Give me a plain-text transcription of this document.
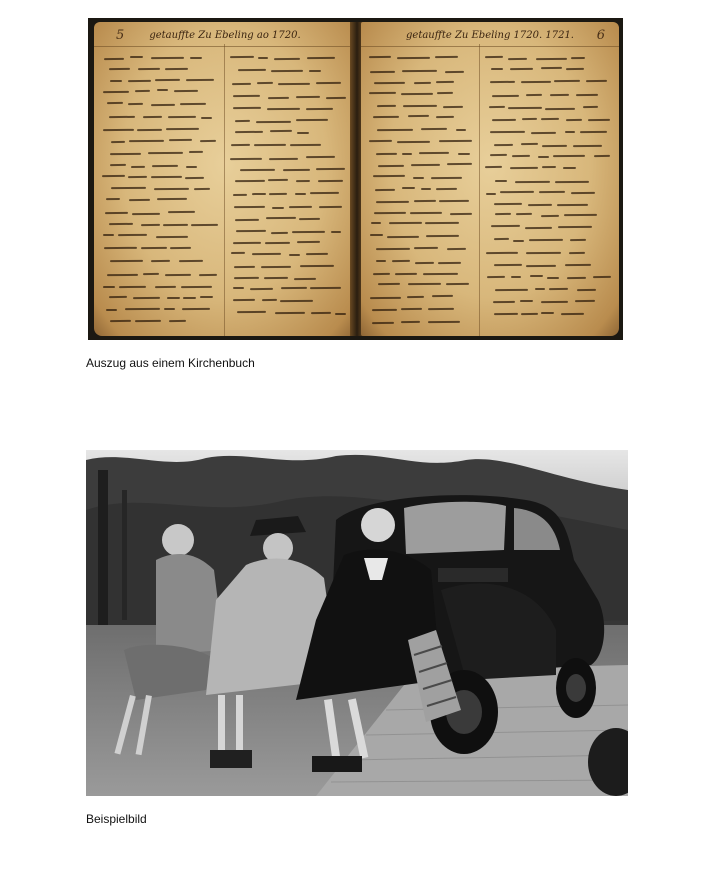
5	getauffte Zu Ebeling ao 1720.	6
getauffte Zu Ebeling 1720. 1721.
Auszug aus einem Kirchenbuch
Beispielbild
